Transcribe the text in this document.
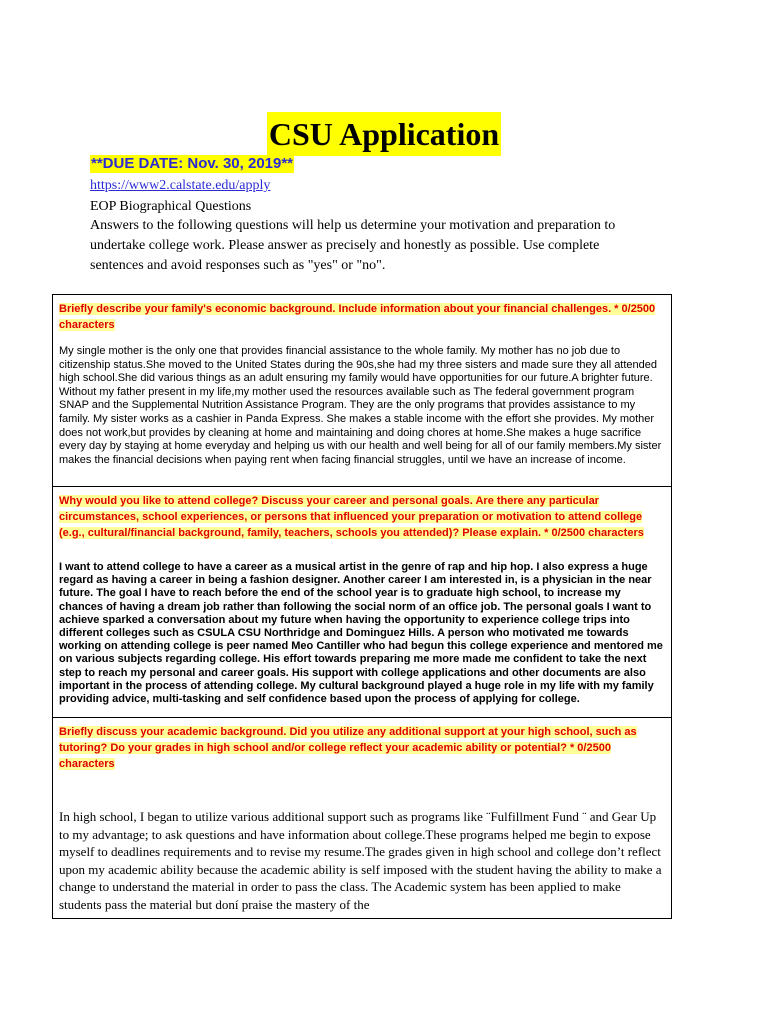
CSU Application
**DUE DATE: Nov. 30, 2019**
https://www2.calstate.edu/apply
EOP Biographical Questions
Answers to the following questions will help us determine your motivation and preparation to undertake college work. Please answer as precisely and honestly as possible. Use complete sentences and avoid responses such as "yes" or "no".
Briefly describe your family's economic background. Include information about your financial challenges. * 0/2500 characters
My single mother is the only one that provides financial assistance to the whole family. My mother has no job due to citizenship status.She moved to the United States during the 90s,she had my three sisters and made sure they all attended high school.She did various things as an adult ensuring my family would have opportunities for our future.A brighter future. Without my father present in my life,my mother used the resources available such as The federal government program SNAP and the Supplemental Nutrition Assistance Program. They are the only programs that provides assistance to my family. My sister works as a cashier in Panda Express. She makes a stable income with the effort she provides. My mother does not work,but provides by cleaning at home and maintaining and doing chores at home.She makes a huge sacrifice every day by staying at home everyday and helping us with our health and well being for all of our family members.My sister makes the financial decisions when paying rent when facing financial struggles, until we have an increase of income.
Why would you like to attend college? Discuss your career and personal goals. Are there any particular circumstances, school experiences, or persons that influenced your preparation or motivation to attend college (e.g., cultural/financial background, family, teachers, schools you attended)? Please explain. * 0/2500 characters
I want to attend college to have a career as a musical artist in the genre of rap and hip hop. I also express a huge regard as having a career in being a fashion designer. Another career I am interested in, is a physician in the near future. The goal I have to reach before the end of the school year is to graduate high school, to increase my chances of having a dream job rather than following the social norm of an office job. The personal goals I want to achieve sparked a conversation about my future when having the opportunity to experience college trips into different colleges such as CSULA CSU Northridge and Dominguez Hills. A person who motivated me towards working on attending college is peer named Meo Cantiller who had begun this college experience and mentored me on various subjects regarding college. His effort towards preparing me more made me confident to take the next step to reach my personal and career goals. His support with college applications and other documents are also important in the process of attending college. My cultural background played a huge role in my life with my family providing advice, multi-tasking and self confidence based upon the process of applying for college.
Briefly discuss your academic background. Did you utilize any additional support at your high school, such as tutoring? Do your grades in high school and/or college reflect your academic ability or potential? * 0/2500 characters
In high school, I began to utilize various additional support such as programs like ¨Fulfillment Fund ¨ and Gear Up to my advantage; to ask questions and have information about college.These programs helped me begin to expose myself to deadlines requirements and to revise my resume.The grades given in high school and college don’t reflect upon my academic ability because the academic ability is self imposed with the student having the ability to make a change to understand the material in order to pass the class. The Academic system has been applied to make students pass the material but doní praise the mastery of the
